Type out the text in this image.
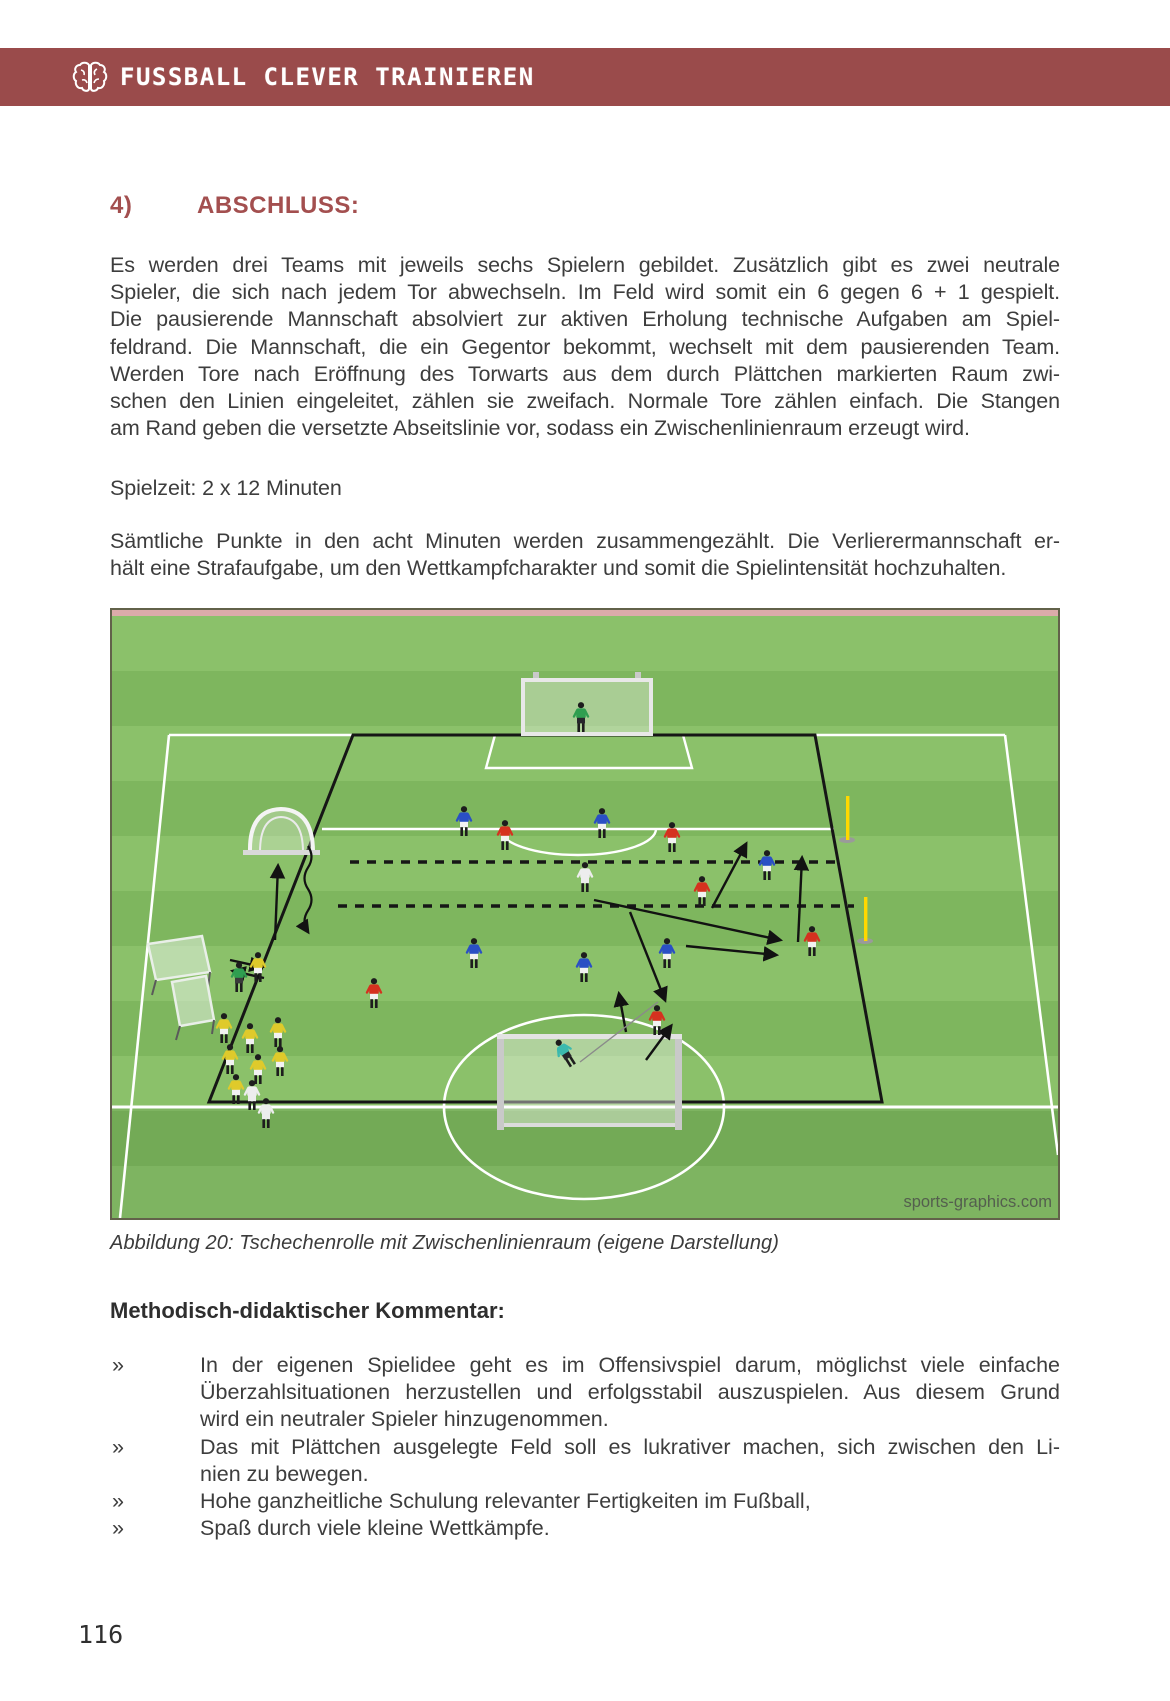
FUSSBALL CLEVER TRAINIEREN
4)	ABSCHLUSS:
Es werden drei Teams mit jeweils sechs Spielern gebildet. Zusätzlich gibt es zwei neutrale
Spieler, die sich nach jedem Tor abwechseln. Im Feld wird somit ein 6 gegen 6 + 1 gespielt.
Die pausierende Mannschaft absolviert zur aktiven Erholung technische Aufgaben am Spiel-
feldrand. Die Mannschaft, die ein Gegentor bekommt, wechselt mit dem pausierenden Team.
Werden Tore nach Eröffnung des Torwarts aus dem durch Plättchen markierten Raum zwi-
schen den Linien eingeleitet, zählen sie zweifach. Normale Tore zählen einfach. Die Stangen
am Rand geben die versetzte Abseitslinie vor, sodass ein Zwischenlinienraum erzeugt wird.
Spielzeit: 2 x 12 Minuten
Sämtliche Punkte in den acht Minuten werden zusammengezählt. Die Verlierermannschaft er-
hält eine Strafaufgabe, um den Wettkampfcharakter und somit die Spielintensität hochzuhalten.
sports-graphics.com
Abbildung 20: Tschechenrolle mit Zwischenlinienraum (eigene Darstellung)
Methodisch-didaktischer Kommentar:
»	In der eigenen Spielidee geht es im Offensivspiel darum, möglichst viele einfache
Überzahlsituationen herzustellen und erfolgsstabil auszuspielen. Aus diesem Grund
wird ein neutraler Spieler hinzugenommen.
»	Das mit Plättchen ausgelegte Feld soll es lukrativer machen, sich zwischen den Li-
nien zu bewegen.
»	Hohe ganzheitliche Schulung relevanter Fertigkeiten im Fußball,
»	Spaß durch viele kleine Wettkämpfe.
116
